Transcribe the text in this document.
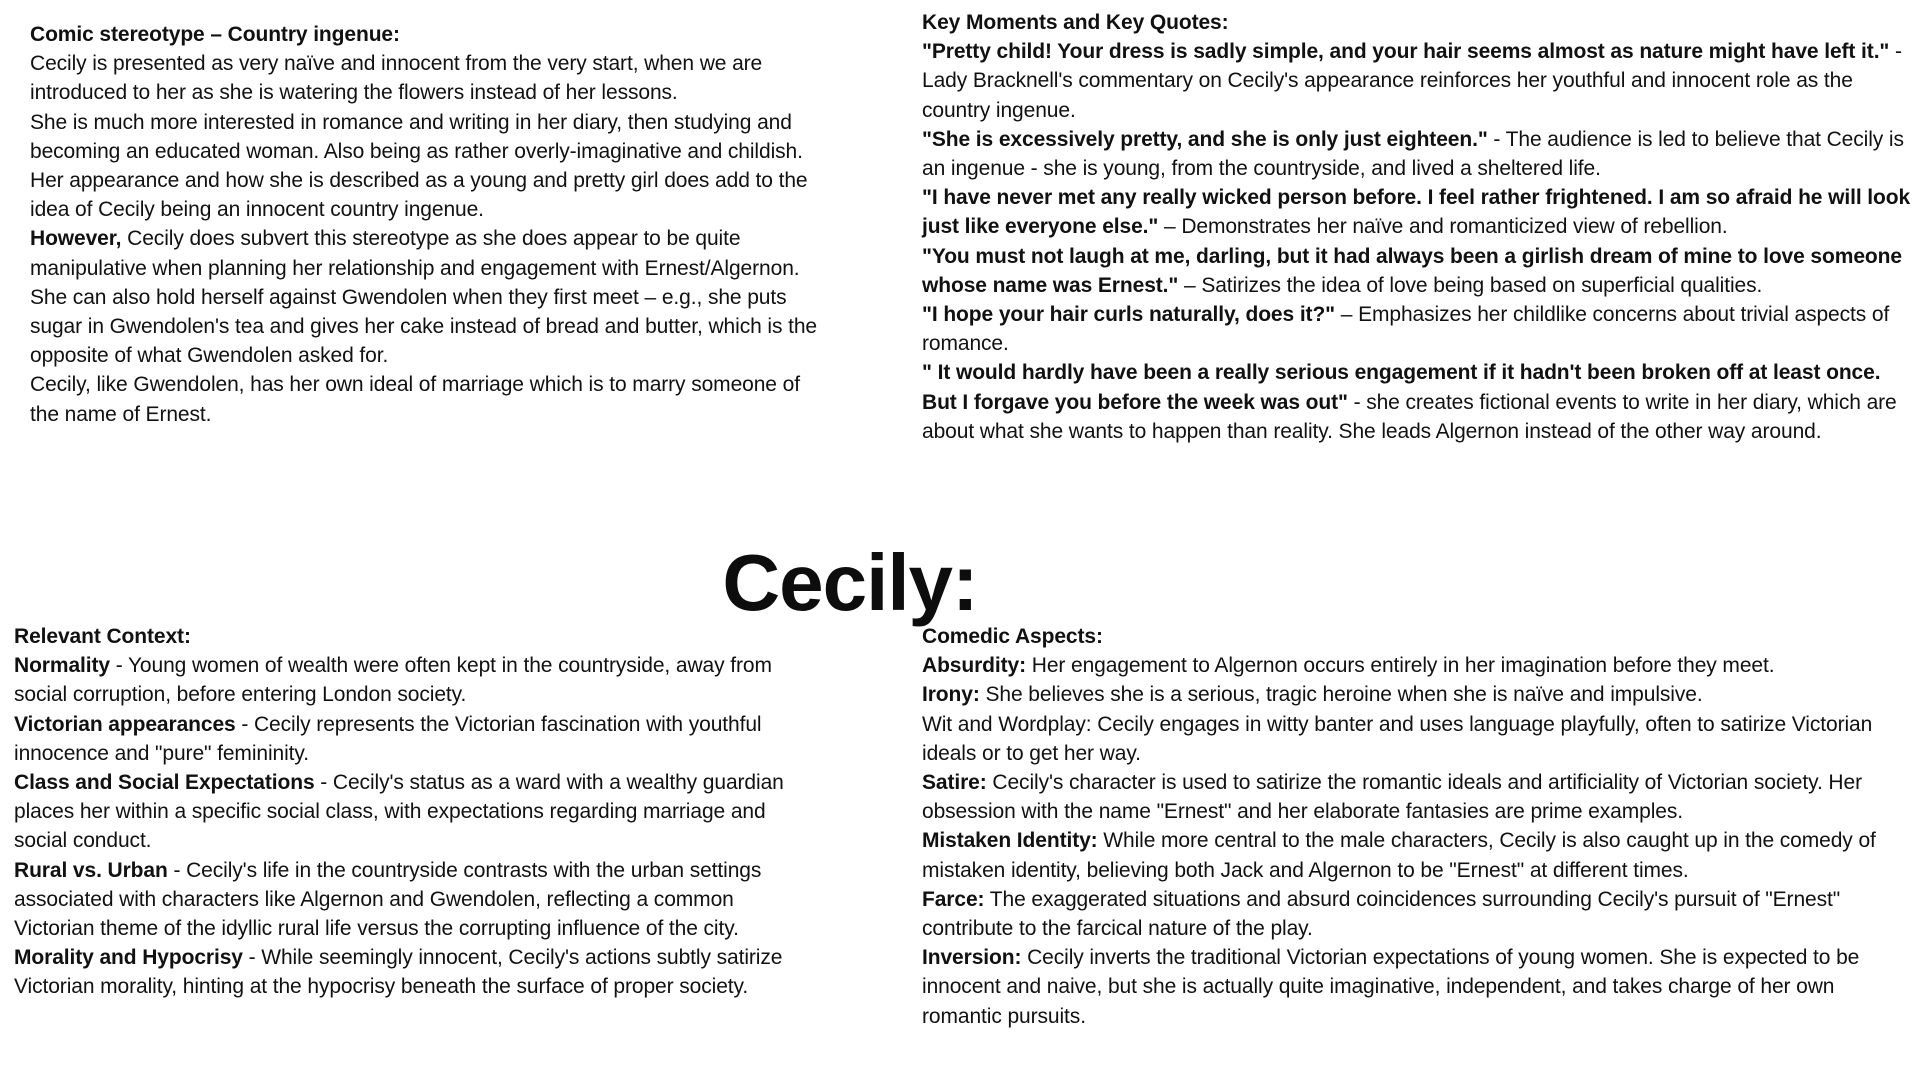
Comic stereotype – Country ingenue:

Cecily is presented as very naïve and innocent from the very start, when we are introduced to her as she is watering the flowers instead of her lessons.

She is much more interested in romance and writing in her diary, then studying and becoming an educated woman. Also being as rather overly-imaginative and childish.

Her appearance and how she is described as a young and pretty girl does add to the idea of Cecily being an innocent country ingenue.

However, Cecily does subvert this stereotype as she does appear to be quite manipulative when planning her relationship and engagement with Ernest/Algernon.

She can also hold herself against Gwendolen when they first meet – e.g., she puts sugar in Gwendolen's tea and gives her cake instead of bread and butter, which is the opposite of what Gwendolen asked for.

Cecily, like Gwendolen, has her own ideal of marriage which is to marry someone of the name of Ernest.

Key Moments and Key Quotes:

"Pretty child! Your dress is sadly simple, and your hair seems almost as nature might have left it." - Lady Bracknell's commentary on Cecily's appearance reinforces her youthful and innocent role as the country ingenue.

"She is excessively pretty, and she is only just eighteen." - The audience is led to believe that Cecily is an ingenue - she is young, from the countryside, and lived a sheltered life.

"I have never met any really wicked person before. I feel rather frightened. I am so afraid he will look just like everyone else." – Demonstrates her naïve and romanticized view of rebellion.

"You must not laugh at me, darling, but it had always been a girlish dream of mine to love someone whose name was Ernest." – Satirizes the idea of love being based on superficial qualities.

"I hope your hair curls naturally, does it?" – Emphasizes her childlike concerns about trivial aspects of romance.

" It would hardly have been a really serious engagement if it hadn't been broken off at least once. But I forgave you before the week was out" - she creates fictional events to write in her diary, which are about what she wants to happen than reality. She leads Algernon instead of the other way around.

Cecily:

Relevant Context:

Normality - Young women of wealth were often kept in the countryside, away from social corruption, before entering London society.

Victorian appearances - Cecily represents the Victorian fascination with youthful innocence and "pure" femininity.

Class and Social Expectations - Cecily's status as a ward with a wealthy guardian places her within a specific social class, with expectations regarding marriage and social conduct.

Rural vs. Urban - Cecily's life in the countryside contrasts with the urban settings associated with characters like Algernon and Gwendolen, reflecting a common Victorian theme of the idyllic rural life versus the corrupting influence of the city.

Morality and Hypocrisy - While seemingly innocent, Cecily's actions subtly satirize Victorian morality, hinting at the hypocrisy beneath the surface of proper society.

Comedic Aspects:

Absurdity: Her engagement to Algernon occurs entirely in her imagination before they meet.

Irony: She believes she is a serious, tragic heroine when she is naïve and impulsive.

Wit and Wordplay: Cecily engages in witty banter and uses language playfully, often to satirize Victorian ideals or to get her way.

Satire: Cecily's character is used to satirize the romantic ideals and artificiality of Victorian society. Her obsession with the name "Ernest" and her elaborate fantasies are prime examples.

Mistaken Identity: While more central to the male characters, Cecily is also caught up in the comedy of mistaken identity, believing both Jack and Algernon to be "Ernest" at different times.

Farce: The exaggerated situations and absurd coincidences surrounding Cecily's pursuit of "Ernest" contribute to the farcical nature of the play.

Inversion: Cecily inverts the traditional Victorian expectations of young women. She is expected to be innocent and naive, but she is actually quite imaginative, independent, and takes charge of her own romantic pursuits.
